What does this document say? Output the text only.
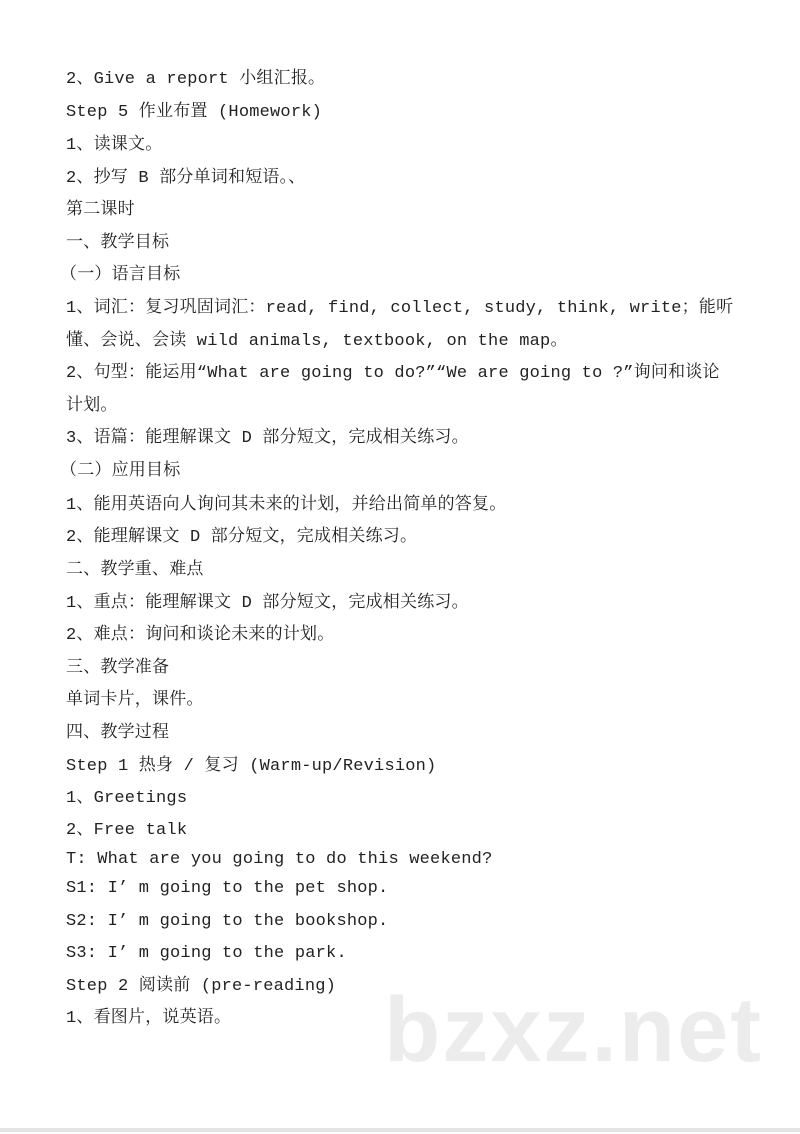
2、Give a report 小组汇报。
Step 5 作业布置 (Homework)
1、读课文。
2、抄写 B 部分单词和短语。、
第二课时
一、教学目标
（一）语言目标
1、词汇：复习巩固词汇：read, find, collect, study, think, write；能听
懂、会说、会读 wild animals, textbook, on the map。
2、句型：能运用“What are going to do?”“We are going to ?”询问和谈论
计划。
3、语篇：能理解课文 D 部分短文，完成相关练习。
（二）应用目标
1、能用英语向人询问其未来的计划，并给出简单的答复。
2、能理解课文 D 部分短文，完成相关练习。
二、教学重、难点
1、重点：能理解课文 D 部分短文，完成相关练习。
2、难点：询问和谈论未来的计划。
三、教学准备
单词卡片，课件。
四、教学过程
Step 1 热身 / 复习 (Warm-up/Revision)
1、Greetings
2、Free talk
T: What are you going to do this weekend?
S1: I’ m going to the pet shop.
S2: I’ m going to the bookshop.
S3: I’ m going to the park.
Step 2 阅读前 (pre-reading)
1、看图片，说英语。 bzxz.net
